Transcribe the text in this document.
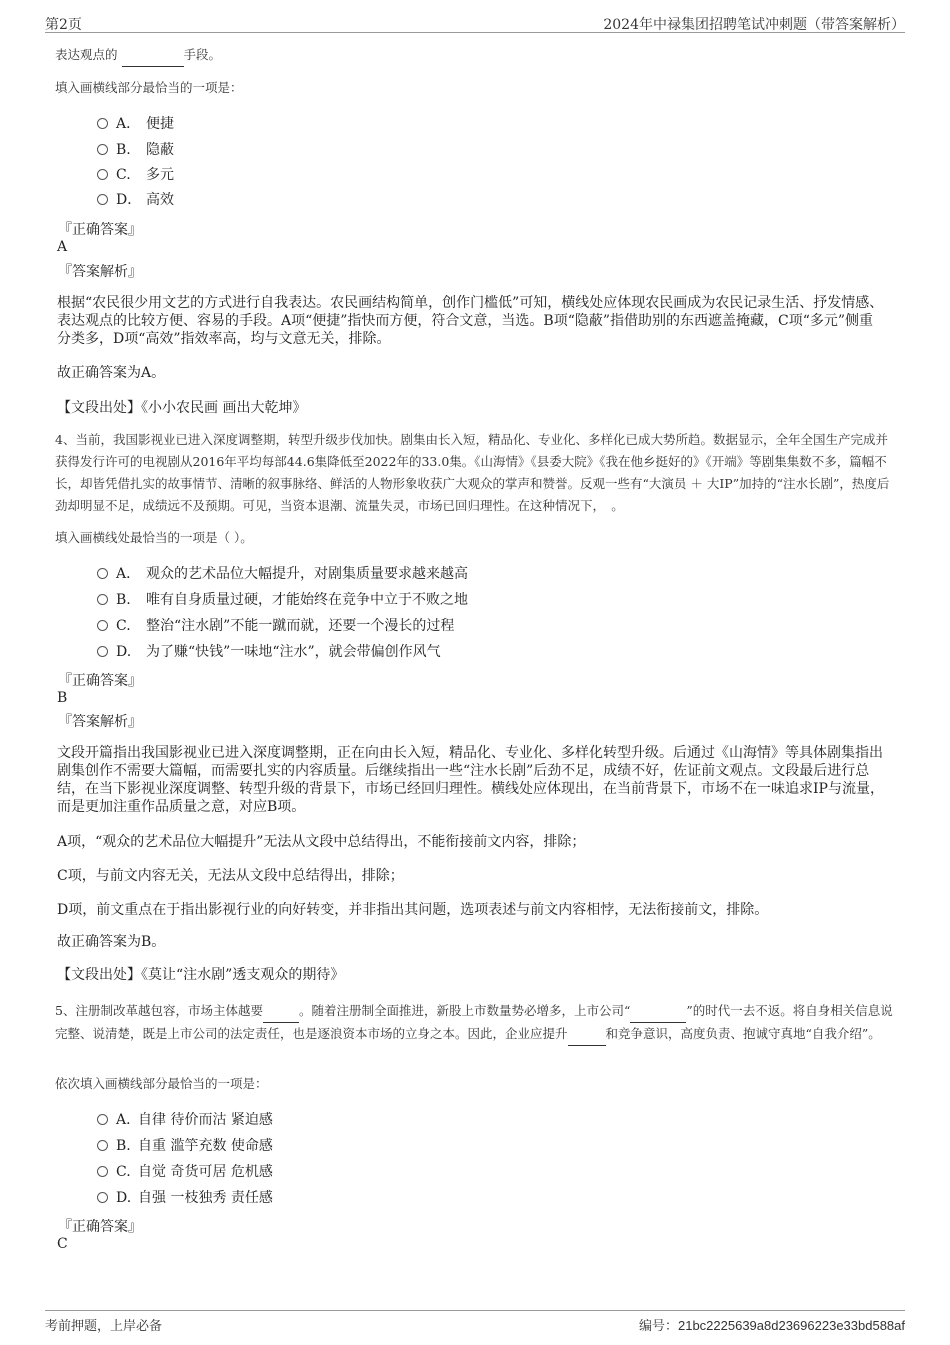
第2页	2024年中禄集团招聘笔试冲刺题（带答案解析）
表达观点的	手段。
填入画横线部分最恰当的一项是：
A． 便捷
B. 隐蔽
C. 多元
D． 高效
『正确答案』
A
『答案解析』
根据“农民很少用文艺的方式进行自我表达。农民画结构简单，创作门槛低”可知，横线处应体现农民画成为农民记录生活、抒发情感、表达观点的比较方便、容易的手段。A项“便捷”指快而方便，符合文意，当选。B项“隐蔽”指借助别的东西遮盖掩藏，C项“多元”侧重分类多，D项“高效”指效率高，均与文意无关，排除。
故正确答案为A。
【文段出处】《小小农民画 画出大乾坤》
4、当前，我国影视业已进入深度调整期，转型升级步伐加快。剧集由长入短，精品化、专业化、多样化已成大势所趋。数据显示，全年全国生产完成并获得发行许可的电视剧从2016年平均每部44.6集降低至2022年的33.0集。《山海情》《县委大院》《我在他乡挺好的》《开端》等剧集集数不多，篇幅不长，却皆凭借扎实的故事情节、清晰的叙事脉络、鲜活的人物形象收获广大观众的掌声和赞誉。反观一些有“大演员 ＋ 大IP”加持的“注水长剧”，热度后劲却明显不足，成绩远不及预期。可见，当资本退潮、流量失灵，市场已回归理性。在这种情况下，　。
填入画横线处最恰当的一项是（ ）。
A． 观众的艺术品位大幅提升，对剧集质量要求越来越高
B. 唯有自身质量过硬，才能始终在竞争中立于不败之地
C. 整治“注水剧”不能一蹴而就，还要一个漫长的过程
D. 为了赚“快钱”一味地“注水”，就会带偏创作风气
『正确答案』
B
『答案解析』
文段开篇指出我国影视业已进入深度调整期，正在向由长入短，精品化、专业化、多样化转型升级。后通过《山海情》等具体剧集指出剧集创作不需要大篇幅，而需要扎实的内容质量。后继续指出一些“注水长剧”后劲不足，成绩不好，佐证前文观点。文段最后进行总结，在当下影视业深度调整、转型升级的背景下，市场已经回归理性。横线处应体现出，在当前背景下，市场不在一味追求IP与流量，而是更加注重作品质量之意，对应B项。
A项，“观众的艺术品位大幅提升”无法从文段中总结得出，不能衔接前文内容，排除；
C项，与前文内容无关，无法从文段中总结得出，排除；
D项，前文重点在于指出影视行业的向好转变，并非指出其问题，选项表述与前文内容相悖，无法衔接前文，排除。
故正确答案为B。
【文段出处】《莫让“注水剧”透支观众的期待》
5、注册制改革越包容，市场主体越要	。随着注册制全面推进，新股上市数量势必增多，上市公司“	”的时代一去不返。将自身相关信息说完整、说清楚，既是上市公司的法定责任，也是逐浪资本市场的立身之本。因此，企业应提升	和竞争意识，高度负责、抱诚守真地“自我介绍”。
依次填入画横线部分最恰当的一项是：
A．自律 待价而沽 紧迫感
B. 自重 滥竽充数 使命感
C. 自觉 奇货可居 危机感
D. 自强 一枝独秀 责任感
『正确答案』
C
考前押题，上岸必备	编号：21bc2225639a8d23696223e33bd588af
